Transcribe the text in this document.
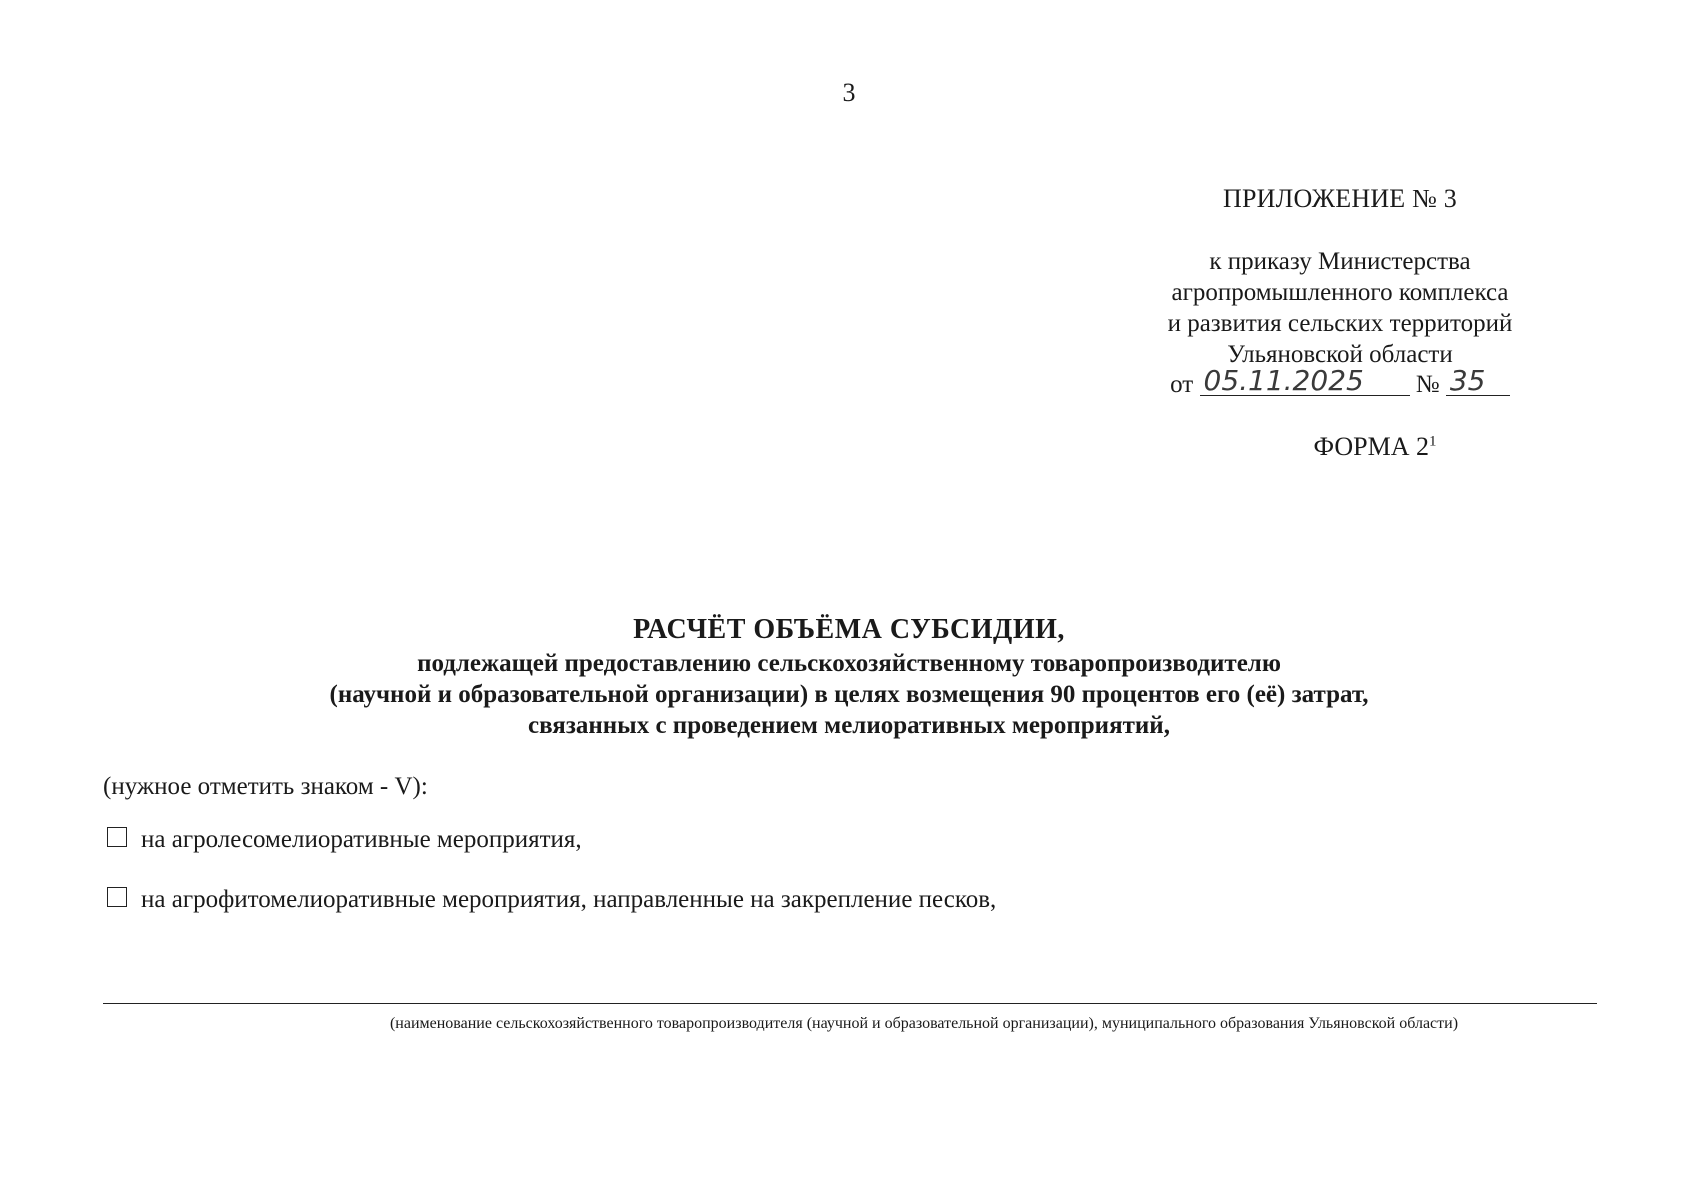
3
ПРИЛОЖЕНИЕ № 3
к приказу Министерства
агропромышленного комплекса
и развития сельских территорий
Ульяновской области
от 05.11.2025 № 35
ФОРМА $2^1$
РАСЧЁТ ОБЪЁМА СУБСИДИИ,
подлежащей предоставлению сельскохозяйственному товаропроизводителю
(научной и образовательной организации) в целях возмещения 90 процентов его (её) затрат,
связанных с проведением мелиоративных мероприятий,
(нужное отметить знаком - V):
на агролесомелиоративные мероприятия,
на агрофитомелиоративные мероприятия, направленные на закрепление песков,
(наименование сельскохозяйственного товаропроизводителя (научной и образовательной организации), муниципального образования Ульяновской области)
